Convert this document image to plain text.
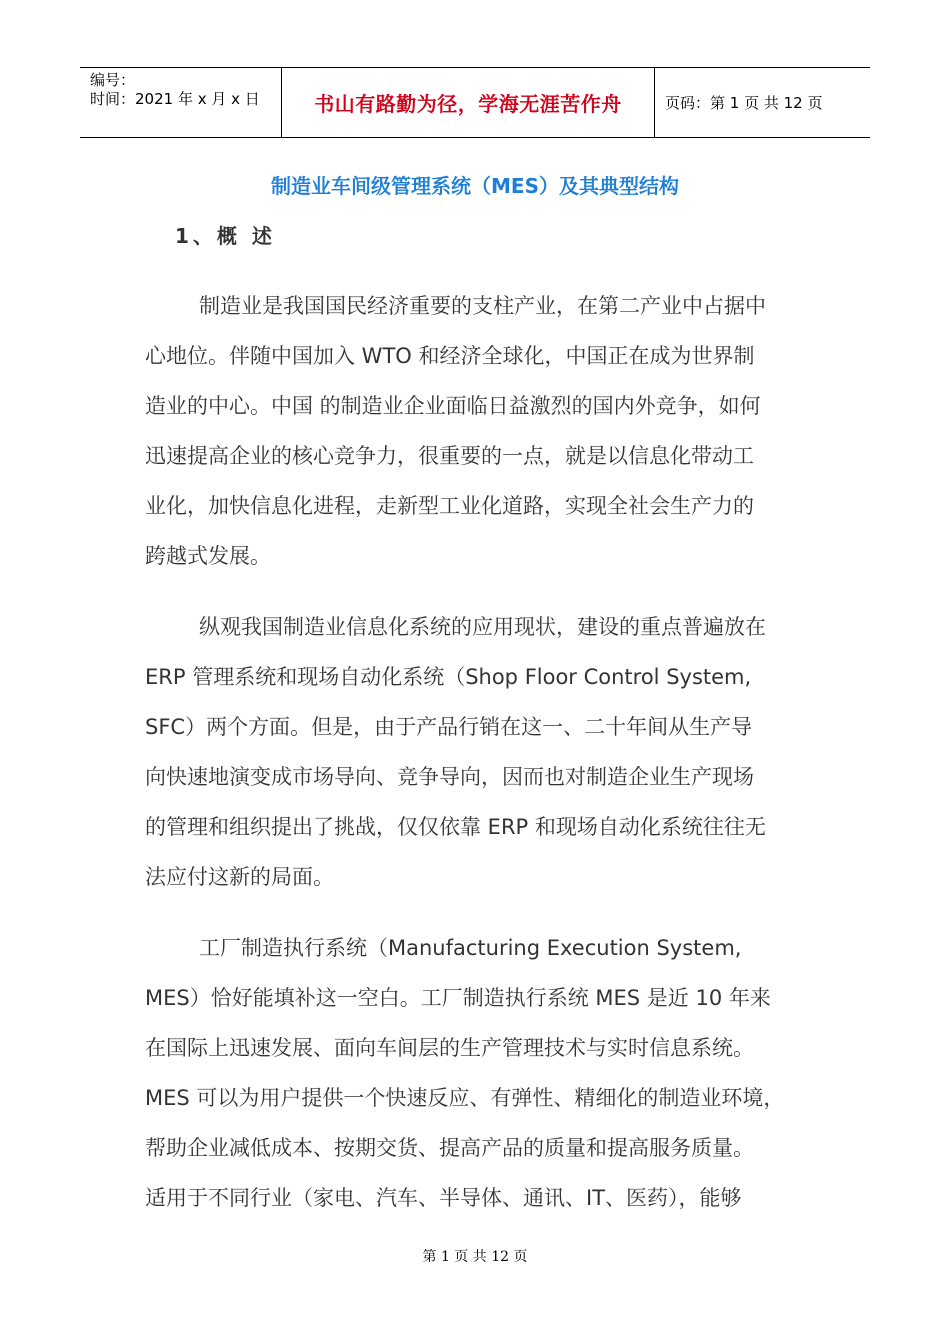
编号：
时间：2021 年 x 月 x 日	书山有路勤为径，学海无涯苦作舟	页码：第 1 页 共 12 页
制造业车间级管理系统（MES）及其典型结构
1、概 述
制造业是我国国民经济重要的支柱产业，在第二产业中占据中
心地位。伴随中国加入 WTO 和经济全球化，中国正在成为世界制
造业的中心。中国 的制造业企业面临日益激烈的国内外竞争，如何
迅速提高企业的核心竞争力，很重要的一点，就是以信息化带动工
业化，加快信息化进程，走新型工业化道路，实现全社会生产力的
跨越式发展。
纵观我国制造业信息化系统的应用现状，建设的重点普遍放在
ERP 管理系统和现场自动化系统（Shop Floor Control System,
SFC）两个方面。但是，由于产品行销在这一、二十年间从生产导
向快速地演变成市场导向、竞争导向，因而也对制造企业生产现场
的管理和组织提出了挑战，仅仅依靠 ERP 和现场自动化系统往往无
法应付这新的局面。
工厂制造执行系统（Manufacturing Execution System,
MES）恰好能填补这一空白。工厂制造执行系统 MES 是近 10 年来
在国际上迅速发展、面向车间层的生产管理技术与实时信息系统。
MES 可以为用户提供一个快速反应、有弹性、精细化的制造业环境，
帮助企业减低成本、按期交货、提高产品的质量和提高服务质量。
适用于不同行业（家电、汽车、半导体、通讯、IT、医药），能够
第 1 页 共 12 页
